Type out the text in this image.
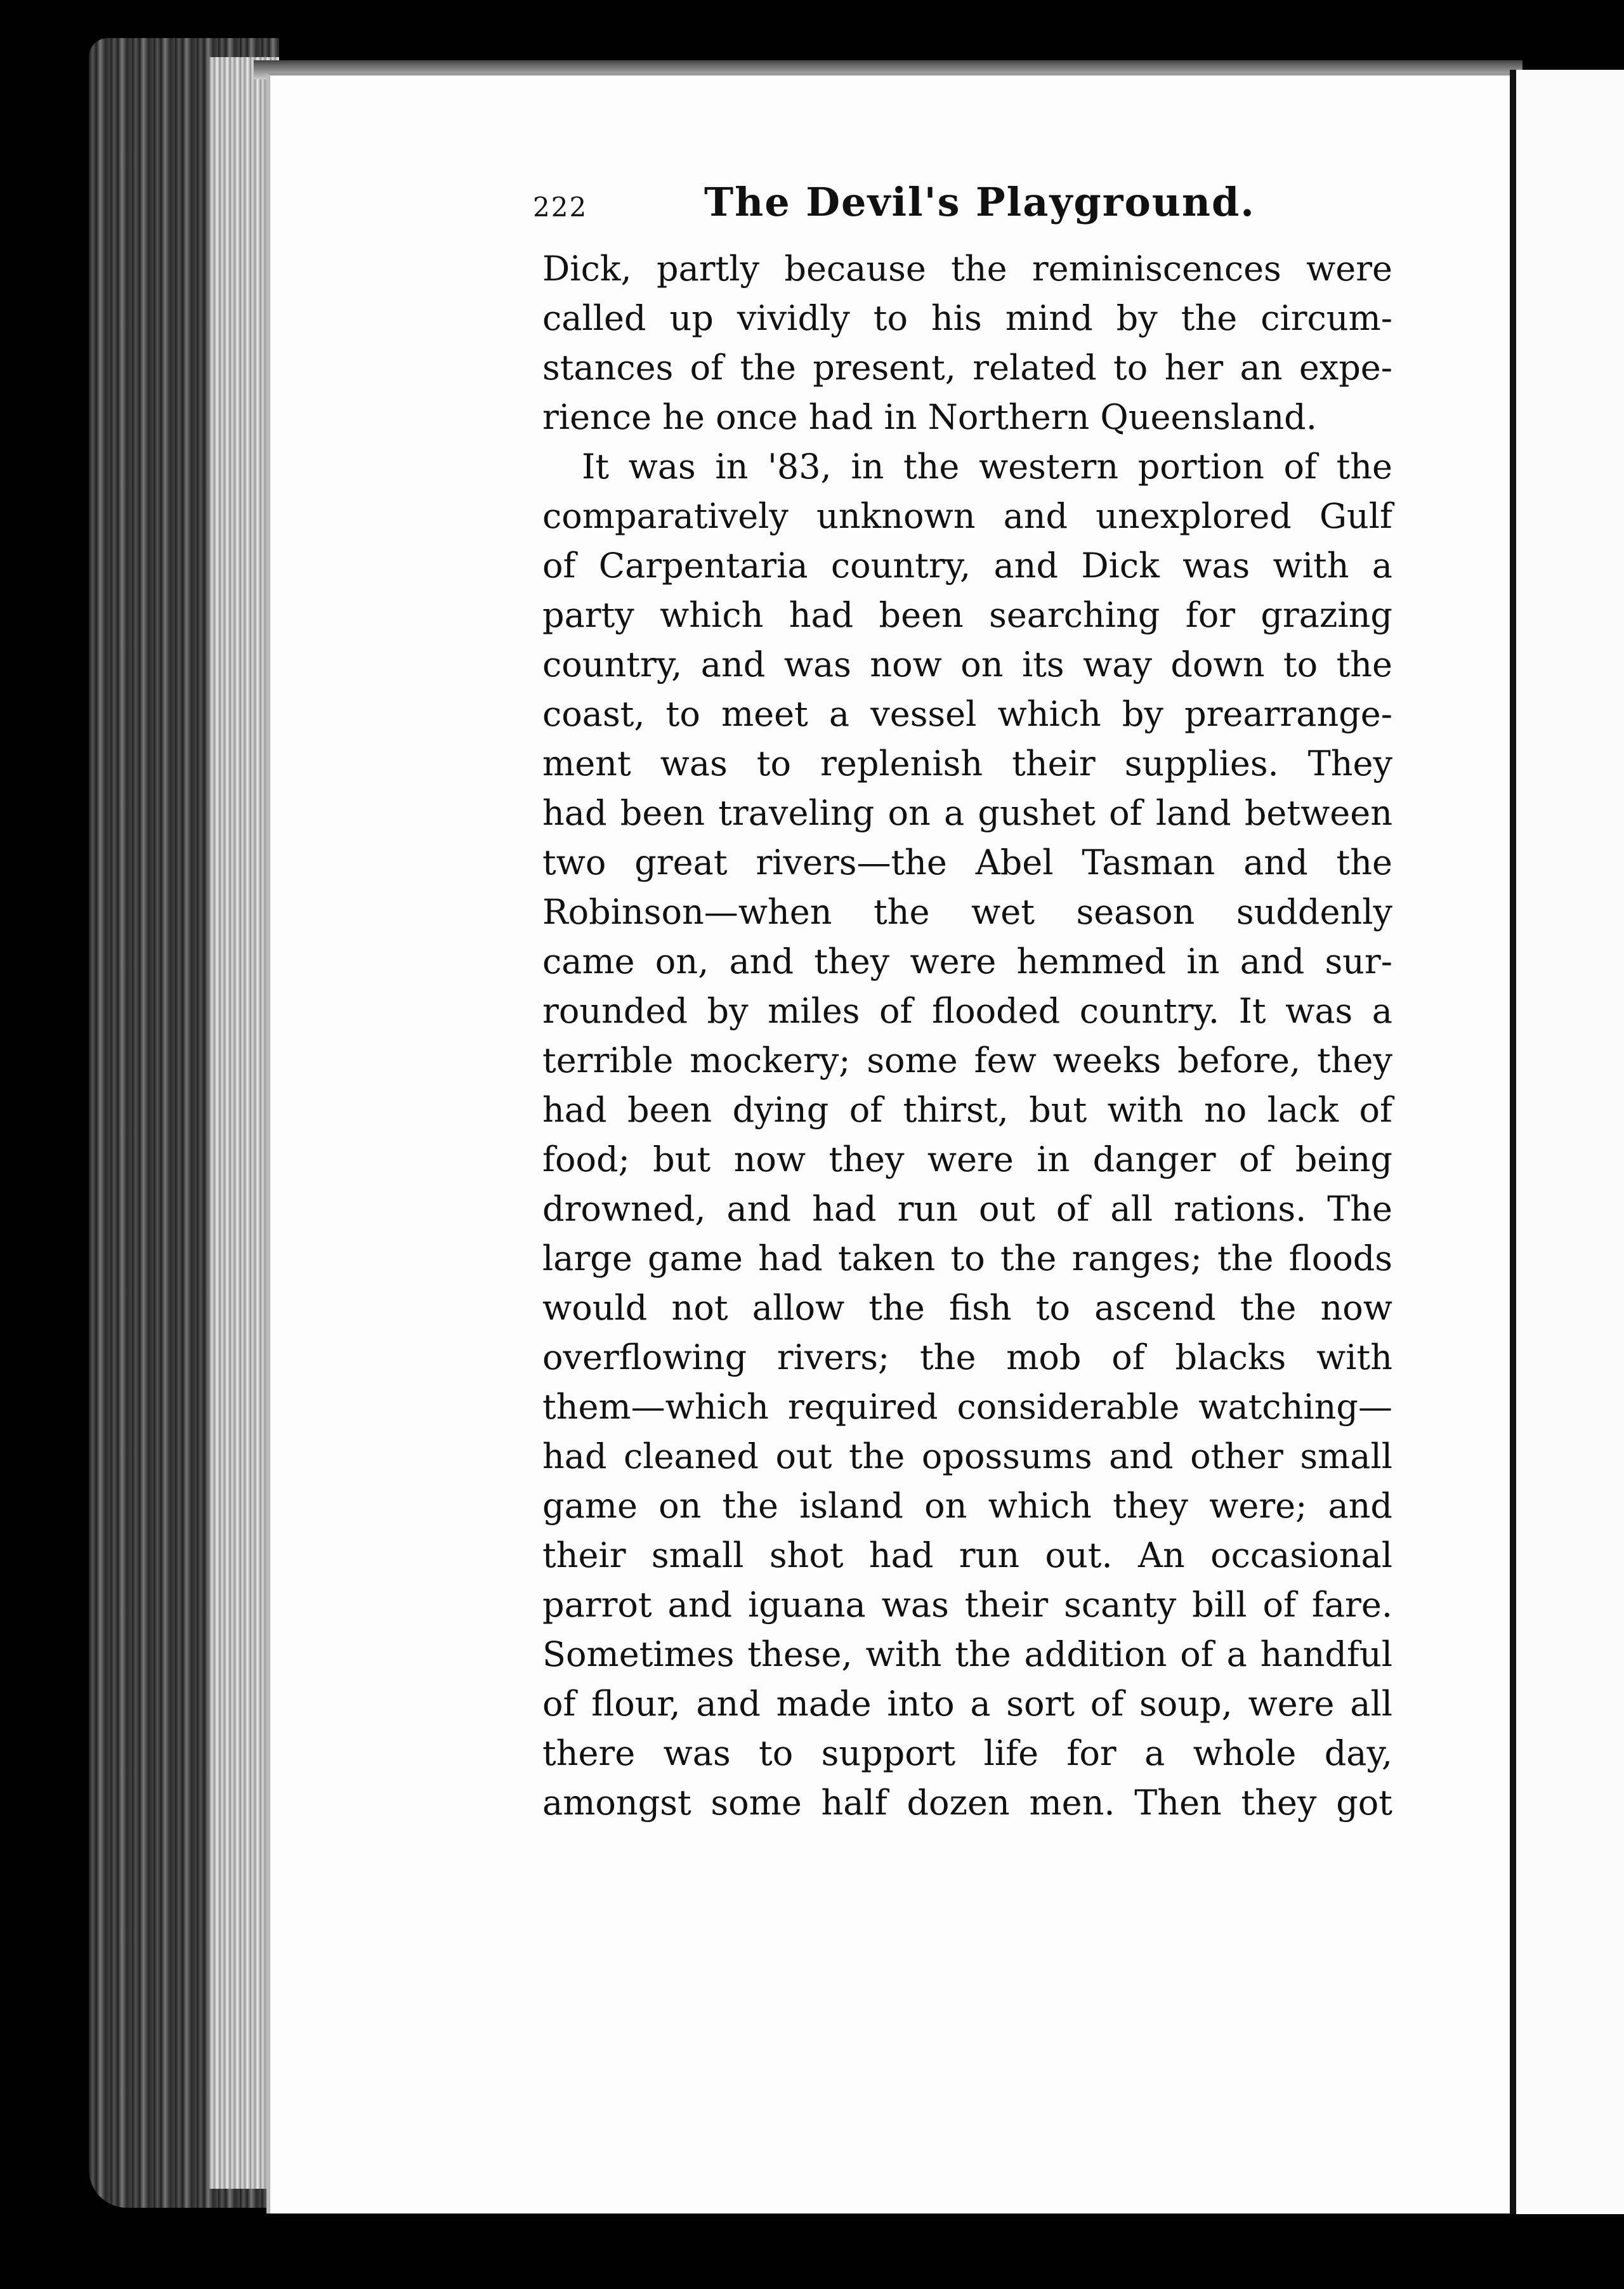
222	The Devil's Playground.
Dick, partly because the reminiscences were
called up vividly to his mind by the circum-
stances of the present, related to her an expe-
rience he once had in Northern Queensland.
It was in '83, in the western portion of the
comparatively unknown and unexplored Gulf
of Carpentaria country, and Dick was with a
party which had been searching for grazing
country, and was now on its way down to the
coast, to meet a vessel which by prearrange-
ment was to replenish their supplies. They
had been traveling on a gushet of land between
two great rivers—the Abel Tasman and the
Robinson—when the wet season suddenly
came on, and they were hemmed in and sur-
rounded by miles of flooded country. It was a
terrible mockery; some few weeks before, they
had been dying of thirst, but with no lack of
food; but now they were in danger of being
drowned, and had run out of all rations. The
large game had taken to the ranges; the floods
would not allow the fish to ascend the now
overflowing rivers; the mob of blacks with
them—which required considerable watching—
had cleaned out the opossums and other small
game on the island on which they were; and
their small shot had run out. An occasional
parrot and iguana was their scanty bill of fare.
Sometimes these, with the addition of a handful
of flour, and made into a sort of soup, were all
there was to support life for a whole day,
amongst some half dozen men. Then they got
